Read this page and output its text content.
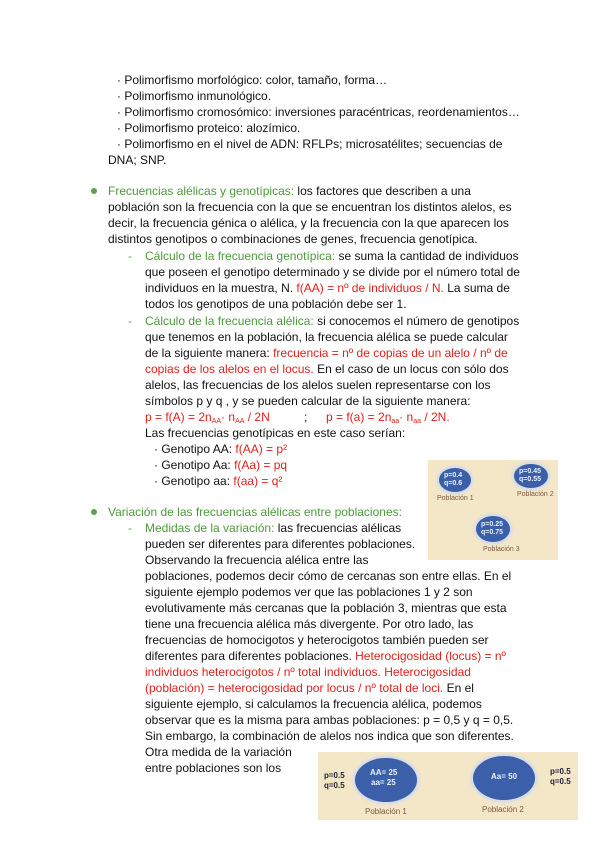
· Polimorfismo morfológico: color, tamaño, forma…
· Polimorfismo inmunológico.
· Polimorfismo cromosómico: inversiones paracéntricas, reordenamientos…
· Polimorfismo proteico: alozímico.
· Polimorfismo en el nivel de ADN: RFLPs; microsatélites; secuencias de
DNA; SNP.
Frecuencias alélicas y genotípicas: los factores que describen a una
población son la frecuencia con la que se encuentran los distintos alelos, es
decir, la frecuencia génica o alélica, y la frecuencia con la que aparecen los
distintos genotipos o combinaciones de genes, frecuencia genotípica.
- Cálculo de la frecuencia genotípica: se suma la cantidad de individuos
que poseen el genotipo determinado y se divide por el número total de
individuos en la muestra, N. f(AA) = nº de individuos / N. La suma de
todos los genotipos de una población debe ser 1.
- Cálculo de la frecuencia alélica: si conocemos el número de genotipos
que tenemos en la población, la frecuencia alélica se puede calcular
de la siguiente manera: frecuencia = nº de copias de un alelo / nº de
copias de los alelos en el locus. En el caso de un locus con sólo dos
alelos, las frecuencias de los alelos suelen representarse con los
símbolos p y q , y se pueden calcular de la siguiente manera:
$p = f(A) = 2n_{AA}\cdot n_{AA} / 2N$	; $p = f(a) = 2n_{aa}\cdot n_{aa} / 2N$.
Las frecuencias genotípicas en este caso serían:
· Genotipo AA: f(AA) = p²
· Genotipo Aa: f(Aa) = pq
· Genotipo aa: f(aa) = q²	p=0.4
q=0.6
Población 1
p=0.45
q=0.55
Población 2
p=0.25
q=0.75
Población 3
Variación de las frecuencias alélicas entre poblaciones:
- Medidas de la variación: las frecuencias alélicas
pueden ser diferentes para diferentes poblaciones.
Observando la frecuencia alélica entre las
poblaciones, podemos decir cómo de cercanas son entre ellas. En el
siguiente ejemplo podemos ver que las poblaciones 1 y 2 son
evolutivamente más cercanas que la población 3, mientras que esta
tiene una frecuencia alélica más divergente. Por otro lado, las
frecuencias de homocigotos y heterocigotos también pueden ser
diferentes para diferentes poblaciones. Heterocigosidad (locus) = nº
individuos heterocigotos / nº total individuos. Heterocigosidad
(población) = heterocigosidad por locus / nº total de loci. En el
siguiente ejemplo, si calculamos la frecuencia alélica, podemos
observar que es la misma para ambas poblaciones: p = 0,5 y q = 0,5.
Sin embargo, la combinación de alelos nos indica que son diferentes.
Otra medida de la variación
entre poblaciones son los
p=0.5
q=0.5
AA= 25
aa= 25
Población 1
Aa= 50
Población 2
p=0.5
q=0.5
